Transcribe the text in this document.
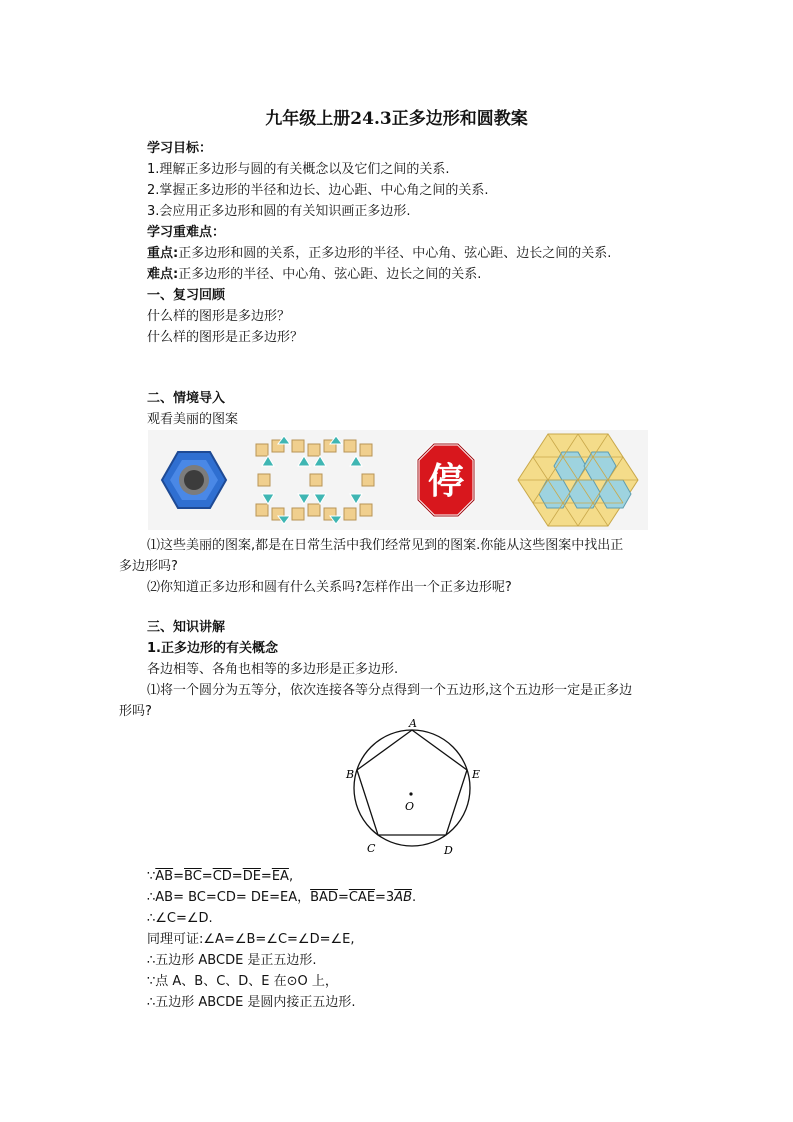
九年级上册24.3正多边形和圆教案
学习目标：
1.理解正多边形与圆的有关概念以及它们之间的关系.
2.掌握正多边形的半径和边长、边心距、中心角之间的关系.
3.会应用正多边形和圆的有关知识画正多边形.
学习重难点：
重点:正多边形和圆的关系，正多边形的半径、中心角、弦心距、边长之间的关系.
难点:正多边形的半径、中心角、弦心距、边长之间的关系.
一、复习回顾
什么样的图形是多边形？
什么样的图形是正多边形？
二、情境导入
观看美丽的图案
停
⑴这些美丽的图案,都是在日常生活中我们经常见到的图案.你能从这些图案中找出正
多边形吗?
⑵你知道正多边形和圆有什么关系吗?怎样作出一个正多边形呢?
三、知识讲解
1.正多边形的有关概念
各边相等、各角也相等的多边形是正多边形.
⑴将一个圆分为五等分，依次连接各等分点得到一个五边形,这个五边形一定是正多边
形吗?
A
B
C	D
E
O
$\because\overline{AB}=\overline{BC}=\overline{CD}=\overline{DE}=\overline{EA}$,
∴AB= BC=CD= DE=EA，$\overline{BAD}=\overline{CAE}=3\overline{AB}$.
∴∠C=∠D.
同理可证:∠A=∠B=∠C=∠D=∠E,
∴五边形 ABCDE 是正五边形.
∵点 A、B、C、D、E 在⊙O 上，
∴五边形 ABCDE 是圆内接正五边形.
